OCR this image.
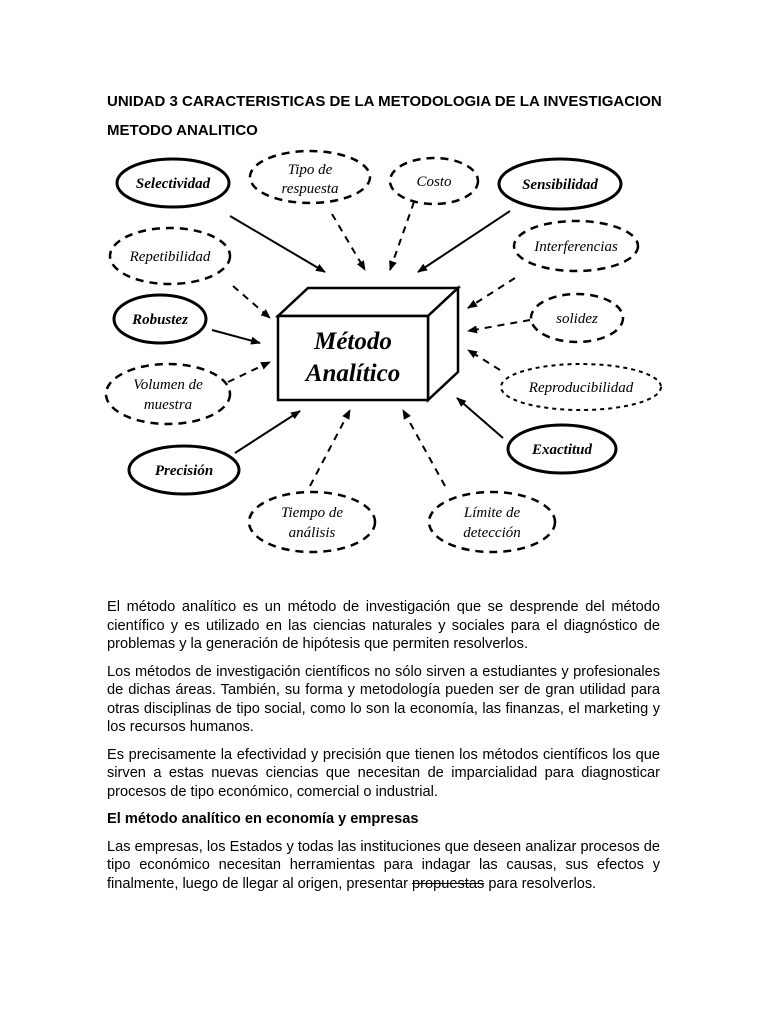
UNIDAD 3 CARACTERISTICAS DE LA METODOLOGIA DE LA INVESTIGACION
METODO ANALITICO
Método
Analítico
Selectividad
Tipo de
respuesta	Costo	Sensibilidad
Repetibilidad
Interferencias
Robustez	solidez
Volumen de
muestra
Reproducibilidad
Exactitud
Precisión
Tiempo de
análisis
Límite de
detección

El método analítico es un método de investigación que se desprende del método científico y es utilizado en las ciencias naturales y sociales para el diagnóstico de problemas y la generación de hipótesis que permiten resolverlos.

Los métodos de investigación científicos no sólo sirven a estudiantes y profesionales de dichas áreas. También, su forma y metodología pueden ser de gran utilidad para otras disciplinas de tipo social, como lo son la economía, las finanzas, el marketing y los recursos humanos.

Es precisamente la efectividad y precisión que tienen los métodos científicos los que sirven a estas nuevas ciencias que necesitan de imparcialidad para diagnosticar procesos de tipo económico, comercial o industrial.

El método analítico en economía y empresas

Las empresas, los Estados y todas las instituciones que deseen analizar procesos de tipo económico necesitan herramientas para indagar las causas, sus efectos y finalmente, luego de llegar al origen, presentar propuestas para resolverlos.
